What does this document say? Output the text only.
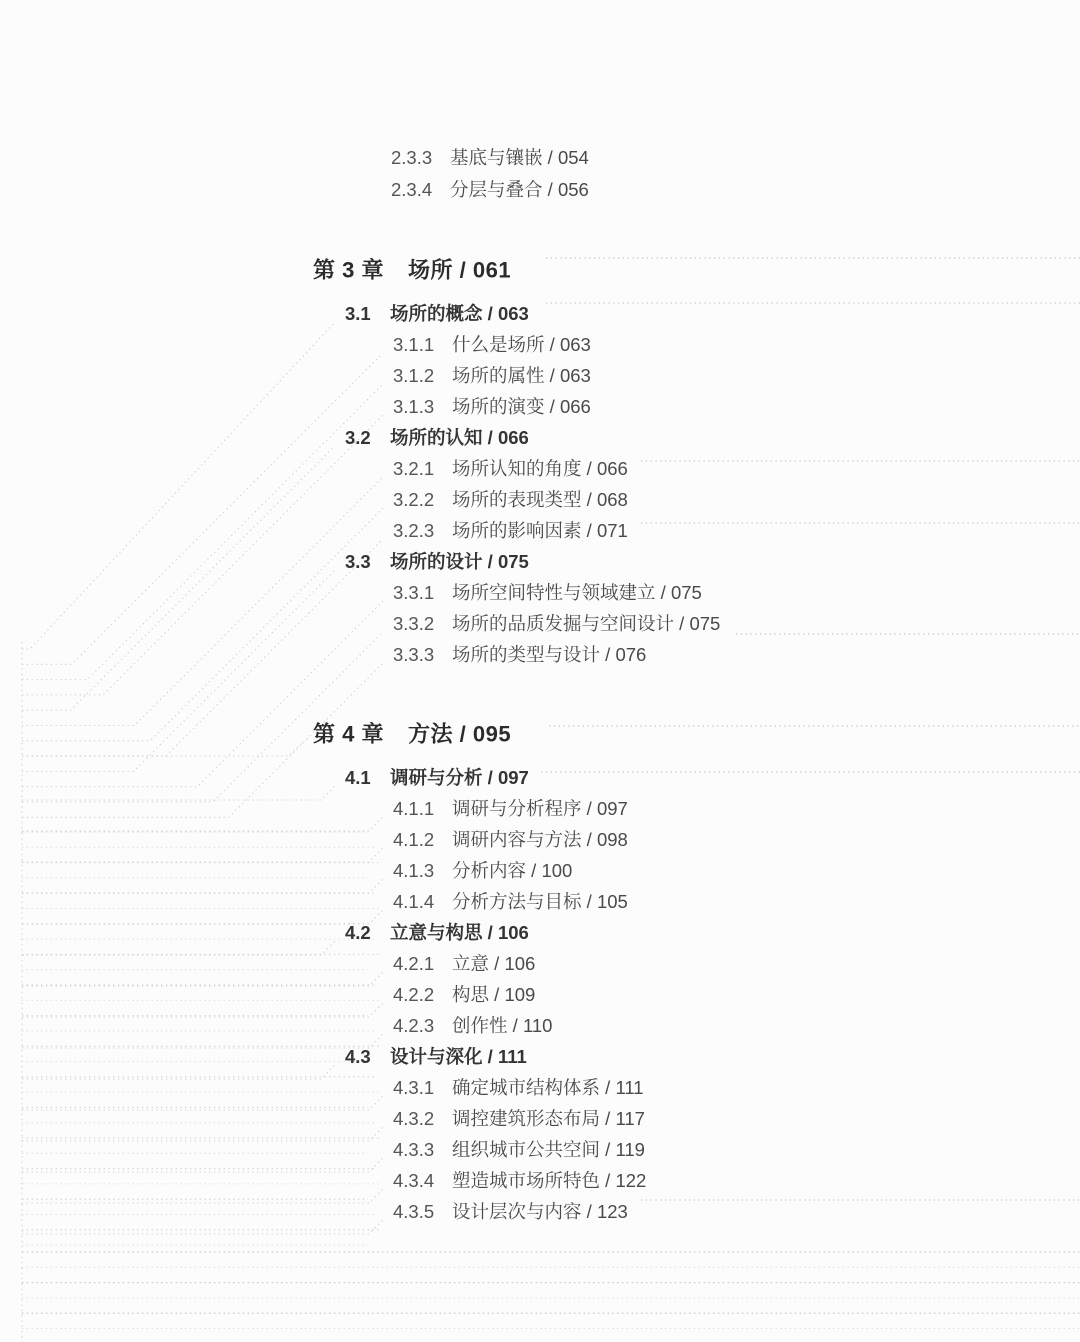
2.3.3 基底与镶嵌 / 054
2.3.4 分层与叠合 / 056
第 3 章 场所 / 061
3.1 场所的概念 / 063
3.1.1 什么是场所 / 063
3.1.2 场所的属性 / 063
3.1.3 场所的演变 / 066
3.2 场所的认知 / 066
3.2.1 场所认知的角度 / 066
3.2.2 场所的表现类型 / 068
3.2.3 场所的影响因素 / 071
3.3 场所的设计 / 075
3.3.1 场所空间特性与领域建立 / 075
3.3.2 场所的品质发掘与空间设计 / 075
3.3.3 场所的类型与设计 / 076
第 4 章 方法 / 095
4.1 调研与分析 / 097
4.1.1 调研与分析程序 / 097
4.1.2 调研内容与方法 / 098
4.1.3 分析内容 / 100
4.1.4 分析方法与目标 / 105
4.2 立意与构思 / 106
4.2.1 立意 / 106
4.2.2 构思 / 109
4.2.3 创作性 / 110
4.3 设计与深化 / 111
4.3.1 确定城市结构体系 / 111
4.3.2 调控建筑形态布局 / 117
4.3.3 组织城市公共空间 / 119
4.3.4 塑造城市场所特色 / 122
4.3.5 设计层次与内容 / 123
